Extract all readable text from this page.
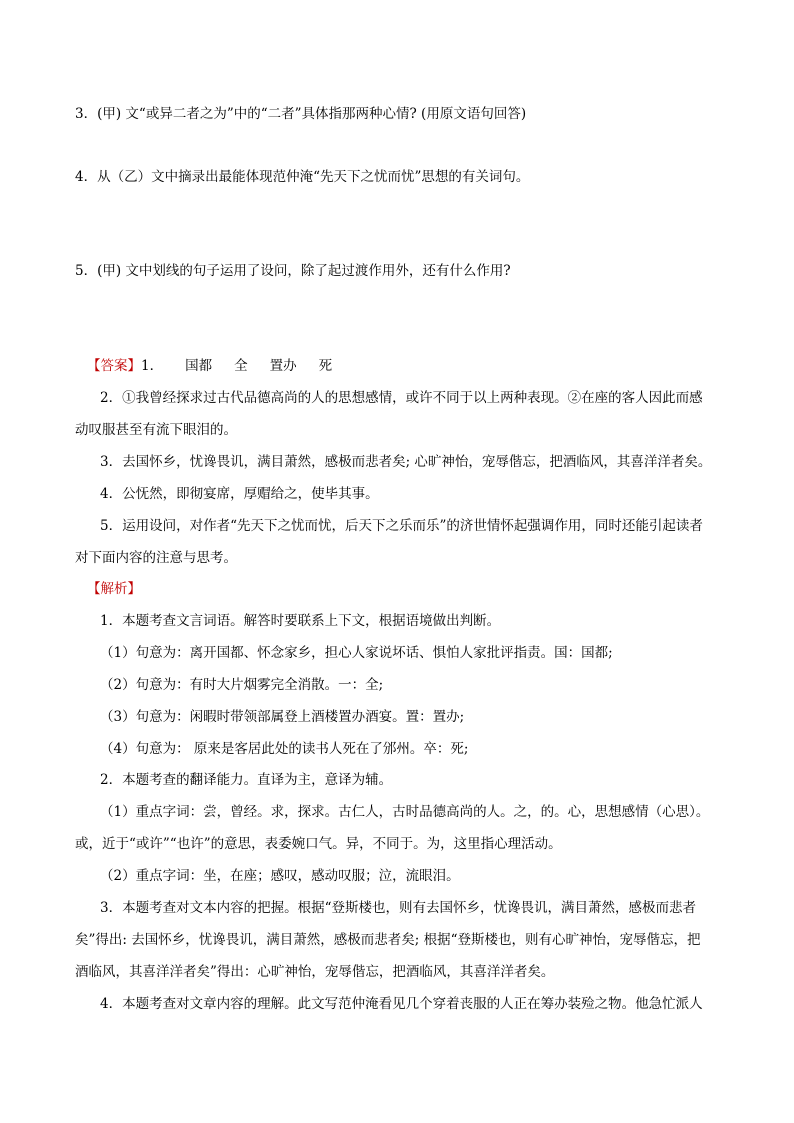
3．(甲) 文“或异二者之为”中的“二者”具体指那两种心情? (用原文语句回答)
4．从（乙）文中摘录出最能体现范仲淹“先天下之忧而忧”思想的有关词句。
5．(甲) 文中划线的句子运用了设问，除了起过渡作用外，还有什么作用?
【答案】1． 国都 全 置办 死
2．①我曾经探求过古代品德高尚的人的思想感情，或许不同于以上两种表现。②在座的客人因此而感
动叹服甚至有流下眼泪的。
3．去国怀乡，忧谗畏讥，满目萧然，感极而悲者矣; 心旷神怡，宠辱偕忘，把酒临风，其喜洋洋者矣。
4．公怃然，即彻宴席，厚赗给之，使毕其事。
5．运用设问，对作者“先天下之忧而忧，后天下之乐而乐”的济世情怀起强调作用，同时还能引起读者
对下面内容的注意与思考。
【解析】
1．本题考查文言词语。解答时要联系上下文，根据语境做出判断。
（1）句意为：离开国都、怀念家乡，担心人家说坏话、惧怕人家批评指责。国：国都;
（2）句意为：有时大片烟雾完全消散。一：全;
（3）句意为：闲暇时带领部属登上酒楼置办酒宴。置：置办;
（4）句意为： 原来是客居此处的读书人死在了邠州。卒：死;
2．本题考查的翻译能力。直译为主，意译为辅。
（1）重点字词：尝，曾经。求，探求。古仁人，古时品德高尚的人。之，的。心，思想感情（心思）。
或，近于“或许”“也许”的意思，表委婉口气。异，不同于。为，这里指心理活动。
（2）重点字词：坐，在座；感叹，感动叹服；泣，流眼泪。
3．本题考查对文本内容的把握。根据“登斯楼也，则有去国怀乡，忧谗畏讥，满目萧然，感极而悲者
矣”得出: 去国怀乡，忧谗畏讥，满目萧然，感极而悲者矣; 根据“登斯楼也，则有心旷神怡，宠辱偕忘，把
酒临风，其喜洋洋者矣”得出：心旷神怡，宠辱偕忘，把酒临风，其喜洋洋者矣。
4．本题考查对文章内容的理解。此文写范仲淹看见几个穿着丧服的人正在筹办装殓之物。他急忙派人
